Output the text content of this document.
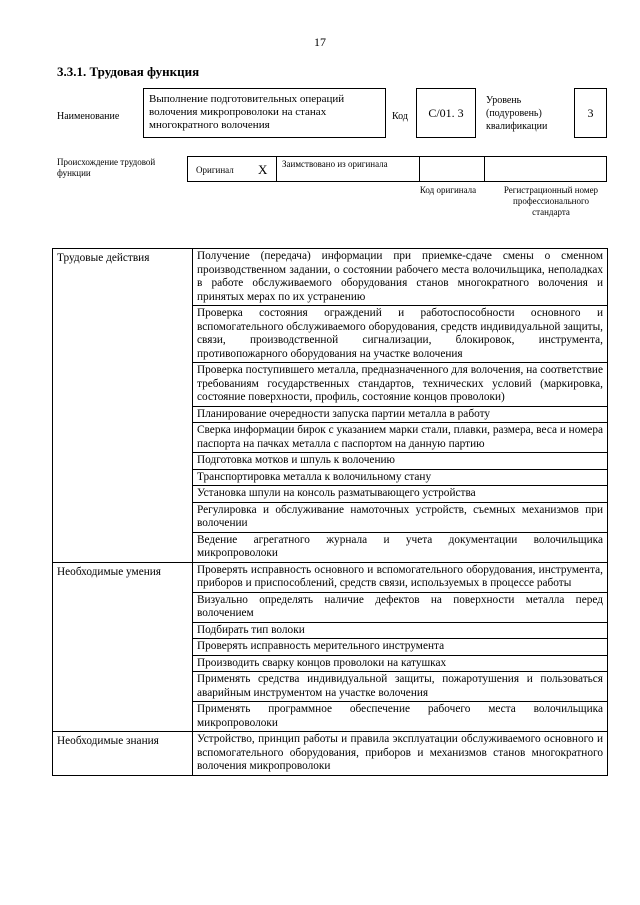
17
3.3.1. Трудовая функция
Наименование
Выполнение подготовительных операций волочения микропроволоки на станах многократного волочения
Код	C/01. 3
Уровень (подуровень) квалификации
3
Происхождение трудовой функции	Оригинал X Заимствовано из оригинала
Код оригинала	Регистрационный номер профессионального стандарта
Трудовые действия	Получение (передача) информации при приемке-сдаче смены о сменном производственном задании, о состоянии рабочего места волочильщика, неполадках в работе обслуживаемого оборудования станов многократного волочения и принятых мерах по их устранению
	Проверка состояния ограждений и работоспособности основного и вспомогательного обслуживаемого оборудования, средств индивидуальной защиты, связи, производственной сигнализации, блокировок, инструмента, противопожарного оборудования на участке волочения
	Проверка поступившего металла, предназначенного для волочения, на соответствие требованиям государственных стандартов, технических условий (маркировка, состояние поверхности, профиль, состояние концов проволоки)
	Планирование очередности запуска партии металла в работу
	Сверка информации бирок с указанием марки стали, плавки, размера, веса и номера паспорта на пачках металла с паспортом на данную партию
	Подготовка мотков и шпуль к волочению
	Транспортировка металла к волочильному стану
	Установка шпули на консоль разматывающего устройства
	Регулировка и обслуживание намоточных устройств, съемных механизмов при волочении
	Ведение агрегатного журнала и учета документации волочильщика микропроволоки
Необходимые умения	Проверять исправность основного и вспомогательного оборудования, инструмента, приборов и приспособлений, средств связи, используемых в процессе работы
	Визуально определять наличие дефектов на поверхности металла перед волочением
	Подбирать тип волоки
	Проверять исправность мерительного инструмента
	Производить сварку концов проволоки на катушках
	Применять средства индивидуальной защиты, пожаротушения и пользоваться аварийным инструментом на участке волочения
	Применять программное обеспечение рабочего места волочильщика микропроволоки
Необходимые знания	Устройство, принцип работы и правила эксплуатации обслуживаемого основного и вспомогательного оборудования, приборов и механизмов станов многократного волочения микропроволоки
